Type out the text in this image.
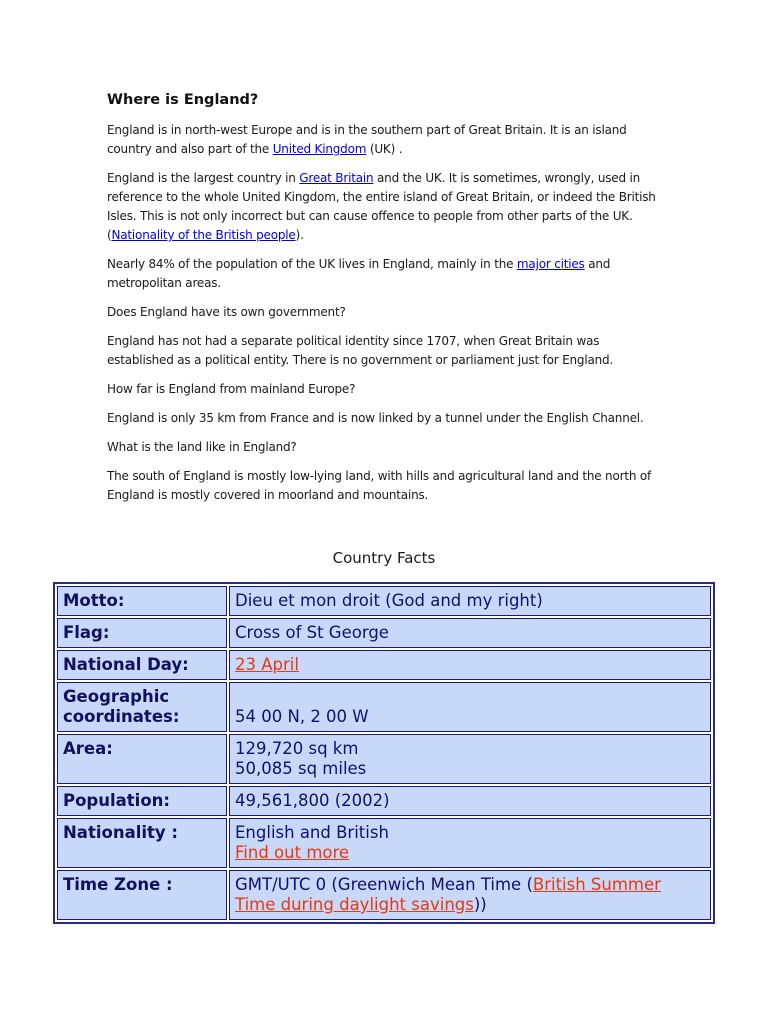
Where is England?

England is in north-west Europe and is in the southern part of Great Britain. It is an island country and also part of the United Kingdom (UK) .

England is the largest country in Great Britain and the UK. It is sometimes, wrongly, used in reference to the whole United Kingdom, the entire island of Great Britain, or indeed the British Isles. This is not only incorrect but can cause offence to people from other parts of the UK. (Nationality of the British people).

Nearly 84% of the population of the UK lives in England, mainly in the major cities and metropolitan areas.

Does England have its own government?

England has not had a separate political identity since 1707, when Great Britain was established as a political entity. There is no government or parliament just for England.

How far is England from mainland Europe?

England is only 35 km from France and is now linked by a tunnel under the English Channel.

What is the land like in England?

The south of England is mostly low-lying land, with hills and agricultural land and the north of England is mostly covered in moorland and mountains.

Country Facts
Motto:	Dieu et mon droit (God and my right)
Flag:	Cross of St George
National Day:	23 April
Geographic coordinates:	54 00 N, 2 00 W
Area:	129,720 sq km
50,085 sq miles

Population:	49,561,800 (2002)
Nationality :	English and British
Find out more
Time Zone :	GMT/UTC 0 (Greenwich Mean Time (British Summer Time during daylight savings))
